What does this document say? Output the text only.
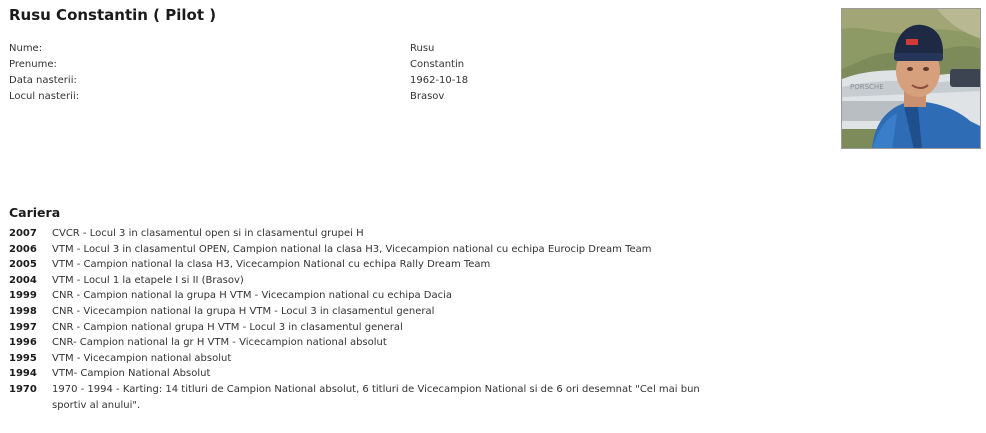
Rusu Constantin ( Pilot )
Nume:	Rusu
Prenume:	Constantin
Data nasterii:	1962-10-18
Locul nasterii:	Brasov
PORSCHE
Cariera
2007	CVCR - Locul 3 in clasamentul open si in clasamentul grupei H
2006	VTM - Locul 3 in clasamentul OPEN, Campion national la clasa H3, Vicecampion national cu echipa Eurocip Dream Team
2005	VTM - Campion national la clasa H3, Vicecampion National cu echipa Rally Dream Team
2004	VTM - Locul 1 la etapele I si II (Brasov)
1999	CNR - Campion national la grupa H VTM - Vicecampion national cu echipa Dacia
1998	CNR - Vicecampion national la grupa H VTM - Locul 3 in clasamentul general
1997	CNR - Campion national grupa H VTM - Locul 3 in clasamentul general
1996	CNR- Campion national la gr H VTM - Vicecampion national absolut
1995	VTM - Vicecampion national absolut
1994	VTM- Campion National Absolut
1970	1970 - 1994 - Karting: 14 titluri de Campion National absolut, 6 titluri de Vicecampion National si de 6 ori desemnat "Cel mai bun sportiv al anului".
